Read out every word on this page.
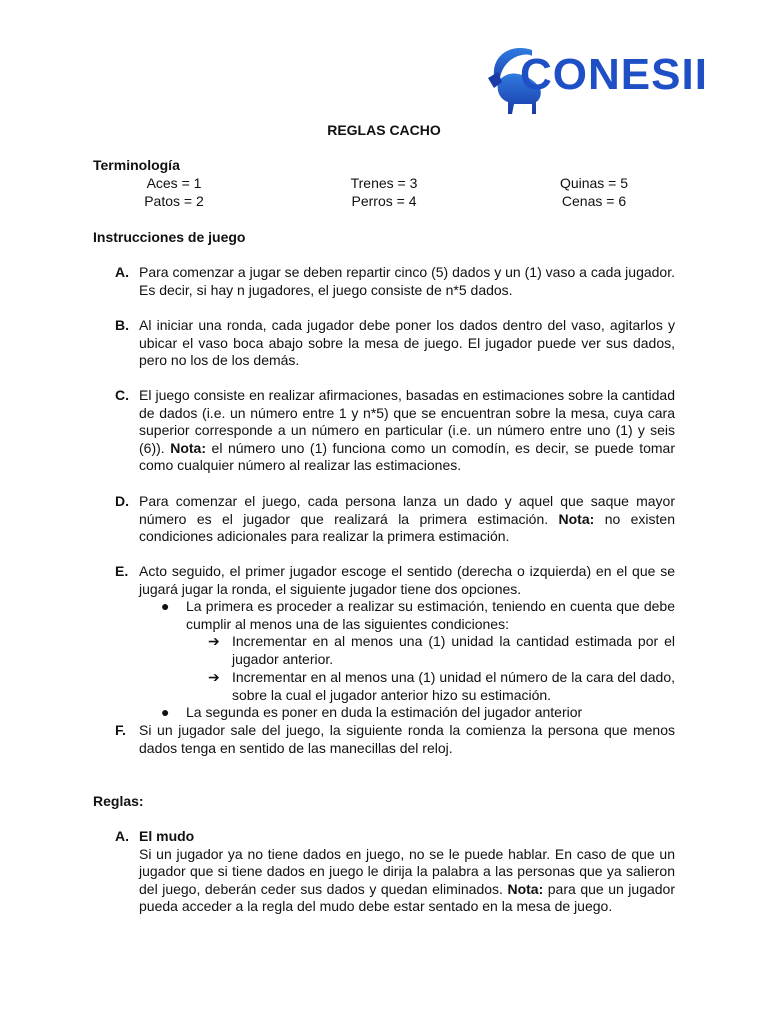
CONESII
REGLAS CACHO
Terminología
Aces = 1	Trenes = 3	Quinas = 5
Patos = 2	Perros = 4	Cenas = 6
Instrucciones de juego
A. Para comenzar a jugar se deben repartir cinco (5) dados y un (1) vaso a cada jugador. Es decir, si hay n jugadores, el juego consiste de n*5 dados.
B. Al iniciar una ronda, cada jugador debe poner los dados dentro del vaso, agitarlos y ubicar el vaso boca abajo sobre la mesa de juego. El jugador puede ver sus dados, pero no los de los demás.
C. El juego consiste en realizar afirmaciones, basadas en estimaciones sobre la cantidad de dados (i.e. un número entre 1 y n*5) que se encuentran sobre la mesa, cuya cara superior corresponde a un número en particular (i.e. un número entre uno (1) y seis (6)). Nota: el número uno (1) funciona como un comodín, es decir, se puede tomar como cualquier número al realizar las estimaciones.
D. Para comenzar el juego, cada persona lanza un dado y aquel que saque mayor número es el jugador que realizará la primera estimación. Nota: no existen condiciones adicionales para realizar la primera estimación.
E. Acto seguido, el primer jugador escoge el sentido (derecha o izquierda) en el que se jugará jugar la ronda, el siguiente jugador tiene dos opciones.
● La primera es proceder a realizar su estimación, teniendo en cuenta que debe cumplir al menos una de las siguientes condiciones:
➔ Incrementar en al menos una (1) unidad la cantidad estimada por el jugador anterior.
➔ Incrementar en al menos una (1) unidad el número de la cara del dado, sobre la cual el jugador anterior hizo su estimación.
● La segunda es poner en duda la estimación del jugador anterior
F. Si un jugador sale del juego, la siguiente ronda la comienza la persona que menos dados tenga en sentido de las manecillas del reloj.
Reglas:
A. El mudo
Si un jugador ya no tiene dados en juego, no se le puede hablar. En caso de que un jugador que si tiene dados en juego le dirija la palabra a las personas que ya salieron del juego, deberán ceder sus dados y quedan eliminados. Nota: para que un jugador pueda acceder a la regla del mudo debe estar sentado en la mesa de juego.
